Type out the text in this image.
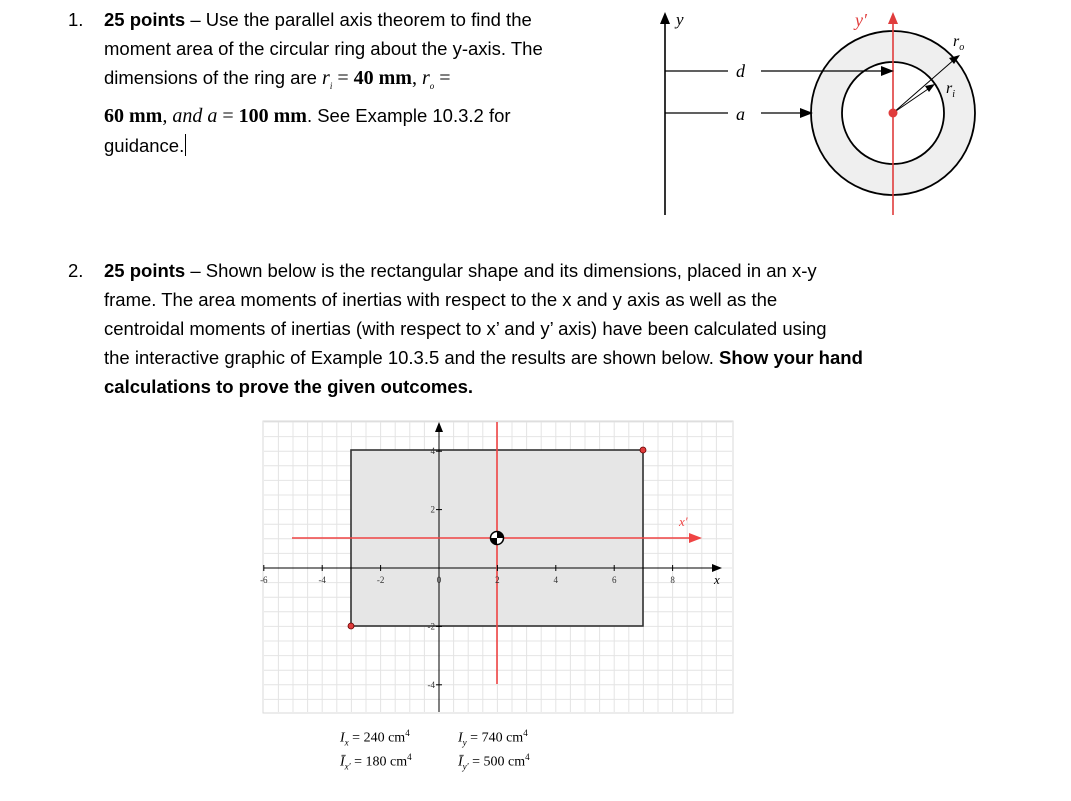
1. 25 points – Use the parallel axis theorem to find the
moment area of the circular ring about the y-axis. The
dimensions of the ring are $r_i = 40$ mm, $r_o$ =
60 mm, and a = 100 mm. See Example 10.3.2 for
guidance.
y	y′
d
a
$r_o$
$r_i$
2. 25 points – Shown below is the rectangular shape and its dimensions, placed in an x-y
frame. The area moments of inertias with respect to the x and y axis as well as the
centroidal moments of inertias (with respect to x’ and y’ axis) have been calculated using
the interactive graphic of Example 10.3.5 and the results are shown below. Show your hand
calculations to prove the given outcomes.
-6	-4	-2	0	2	4	6	8
4
2
-2
-4
x′
x
$I_x = 240$ $cm^4$	$I_y = 740$ $cm^4$
$Ī_{x'} = 180$ $cm^4$	$Ī_{y'} = 500$ $cm^4$
